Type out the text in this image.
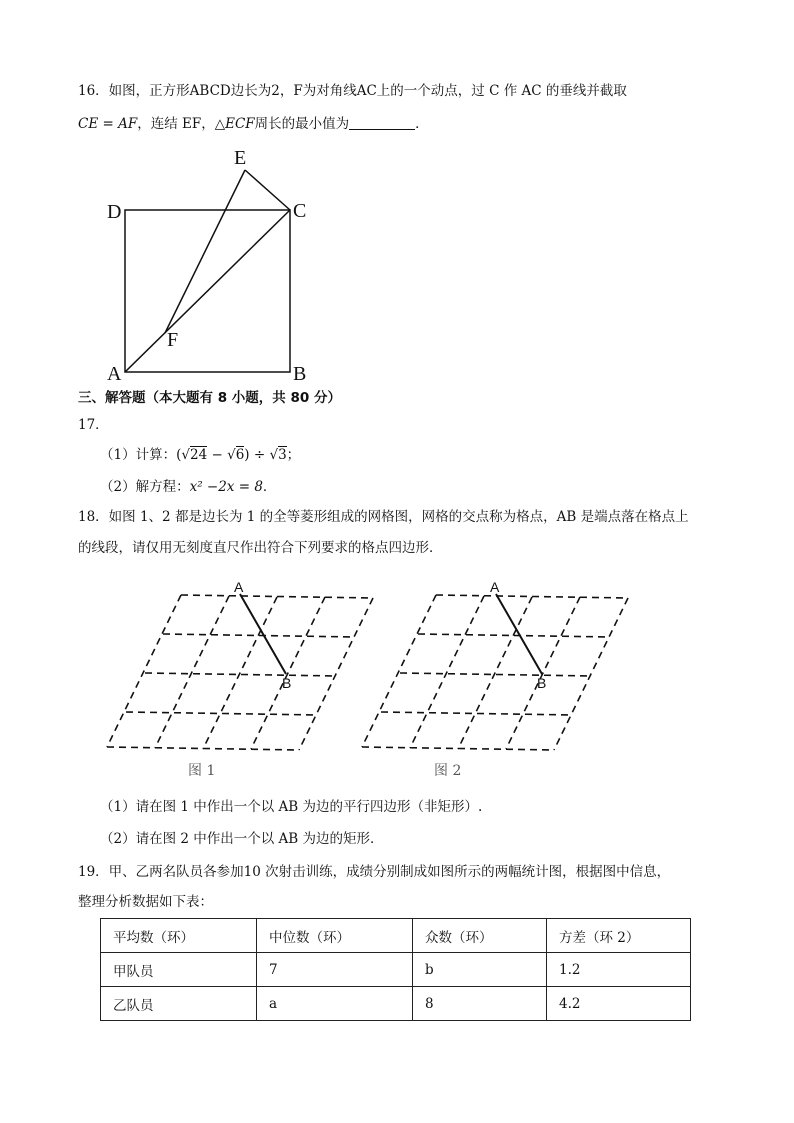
16．如图，正方形ABCD边长为2，F为对角线AC上的一个动点，过 C 作 AC 的垂线并截取
CE = AF，连结 EF，△ECF周长的最小值为	．
E
D	C
F
A	B
三、解答题（本大题有 8 小题，共 80 分）
17．
（1）计算：(√24 − √6) ÷ √3；
（2）解方程：x² −2x = 8．
18．如图 1、2 都是边长为 1 的全等菱形组成的网格图，网格的交点称为格点，AB 是端点落在格点上
的线段，请仅用无刻度直尺作出符合下列要求的格点四边形．
A
B
图 1
A
B
图 2
（1）请在图 1 中作出一个以 AB 为边的平行四边形（非矩形）.
（2）请在图 2 中作出一个以 AB 为边的矩形．
19．甲、乙两名队员各参加10 次射击训练，成绩分别制成如图所示的两幅统计图，根据图中信息，
整理分析数据如下表：
平均数（环）	中位数（环）	众数（环）	方差（环 2）
甲队员	7	b	1.2
乙队员	a	8	4.2
